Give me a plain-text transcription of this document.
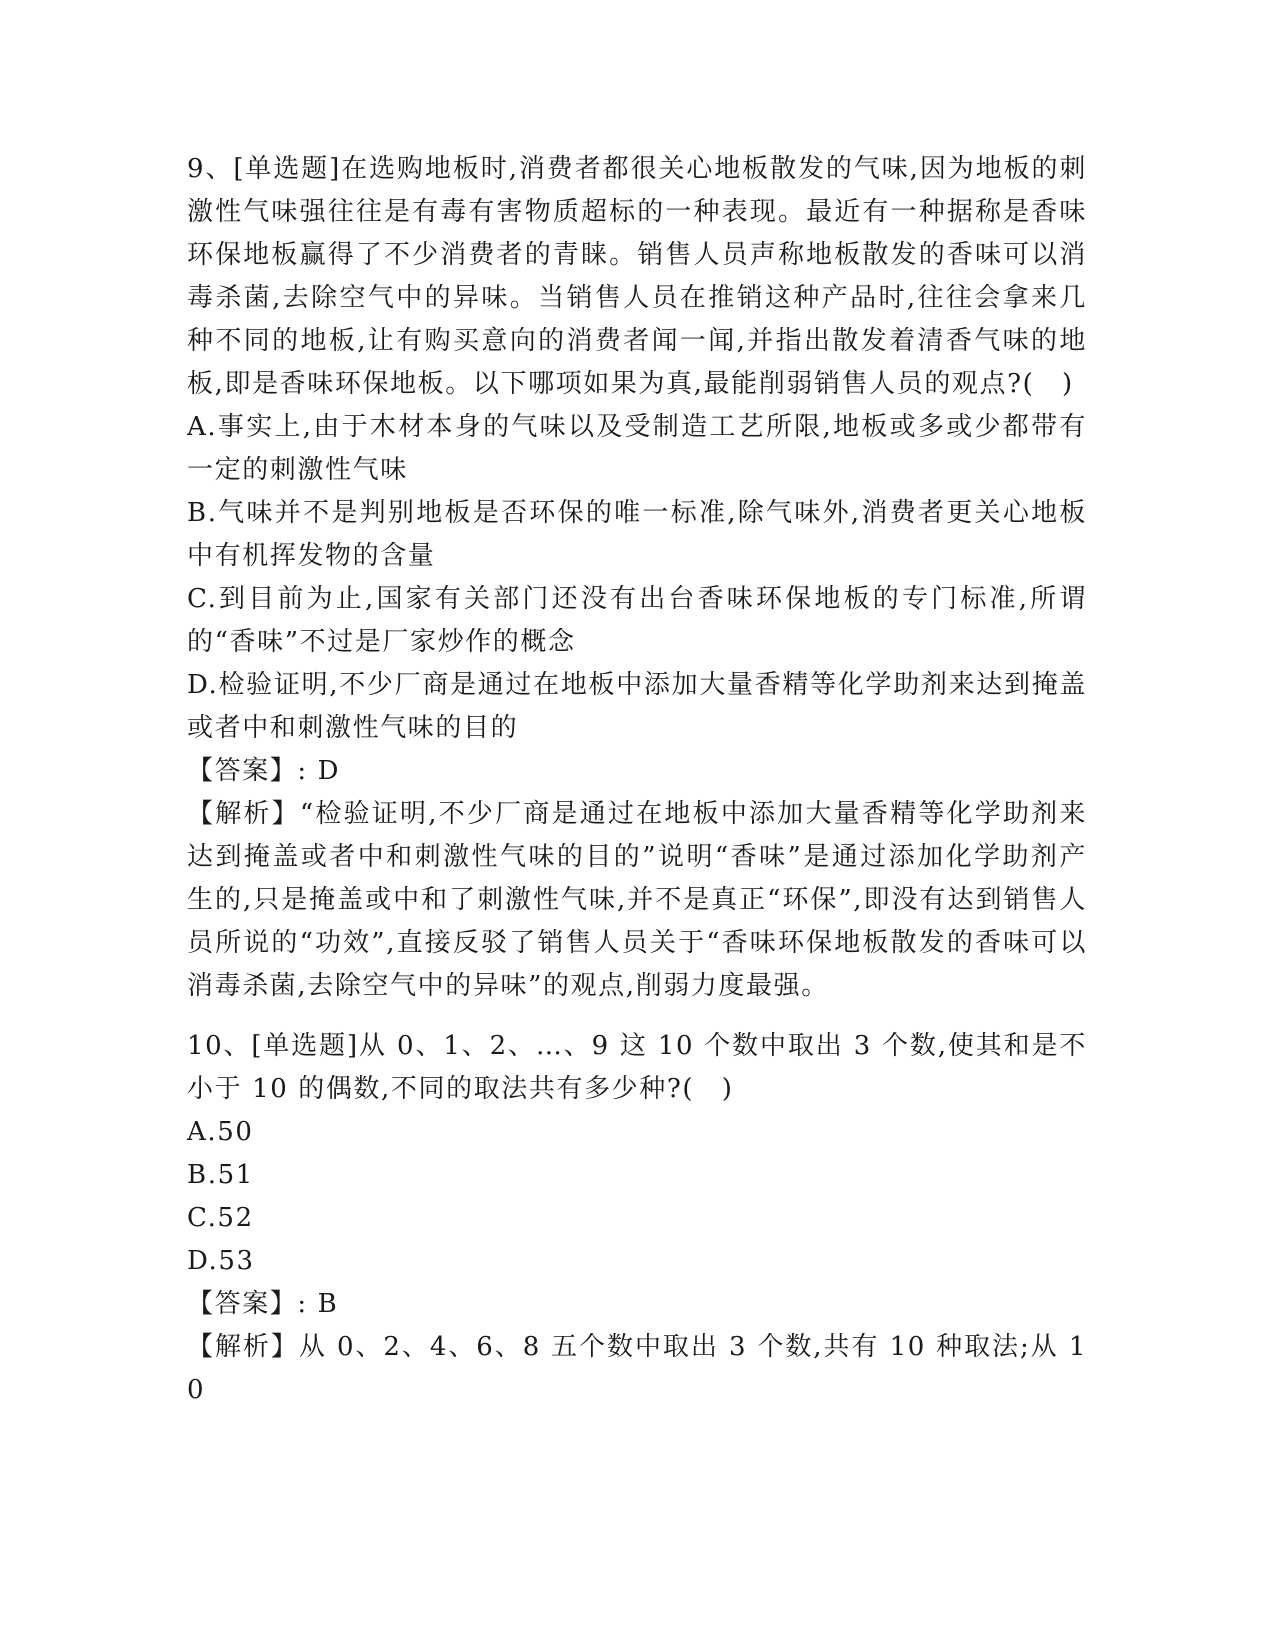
9、[单选题]在选购地板时,消费者都很关心地板散发的气味,因为地板的刺激性气味强往往是有毒有害物质超标的一种表现。最近有一种据称是香味环保地板赢得了不少消费者的青睐。销售人员声称地板散发的香味可以消毒杀菌,去除空气中的异味。当销售人员在推销这种产品时,往往会拿来几种不同的地板,让有购买意向的消费者闻一闻,并指出散发着清香气味的地板,即是香味环保地板。以下哪项如果为真,最能削弱销售人员的观点?(　)

A.事实上,由于木材本身的气味以及受制造工艺所限,地板或多或少都带有一定的刺激性气味

B.气味并不是判别地板是否环保的唯一标准,除气味外,消费者更关心地板中有机挥发物的含量

C.到目前为止,国家有关部门还没有出台香味环保地板的专门标准,所谓的“香味”不过是厂家炒作的概念

D.检验证明,不少厂商是通过在地板中添加大量香精等化学助剂来达到掩盖或者中和刺激性气味的目的

【答案】: D

【解析】“检验证明,不少厂商是通过在地板中添加大量香精等化学助剂来达到掩盖或者中和刺激性气味的目的”说明“香味”是通过添加化学助剂产生的,只是掩盖或中和了刺激性气味,并不是真正“环保”,即没有达到销售人员所说的“功效”,直接反驳了销售人员关于“香味环保地板散发的香味可以消毒杀菌,去除空气中的异味”的观点,削弱力度最强。

10、[单选题]从 0、1、2、…、9 这 10 个数中取出 3 个数,使其和是不小于 10 的偶数,不同的取法共有多少种?(　)

A.50

B.51

C.52

D.53

【答案】: B

【解析】从 0、2、4、6、8 五个数中取出 3 个数,共有 10 种取法;从 10
